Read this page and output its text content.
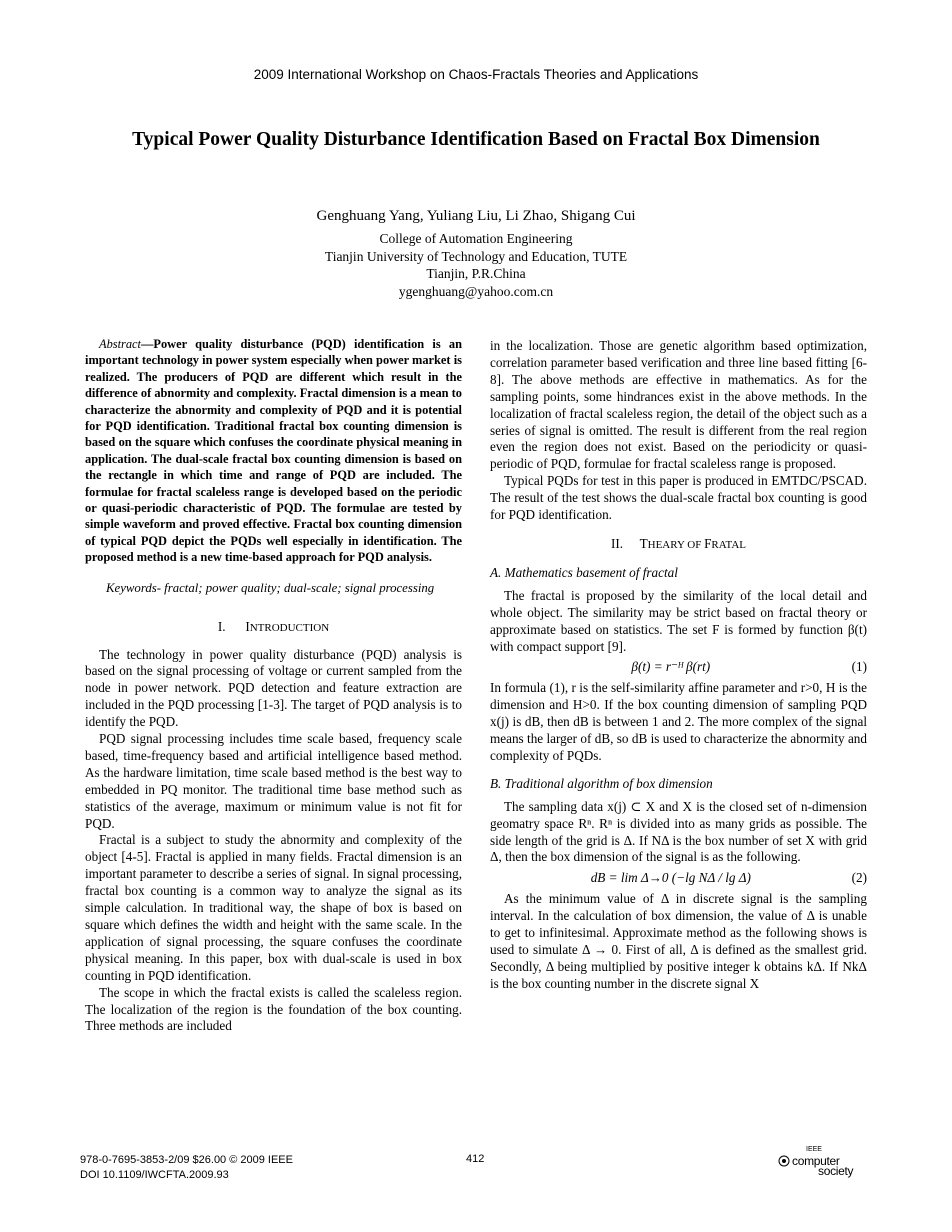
2009 International Workshop on Chaos-Fractals Theories and Applications
Typical Power Quality Disturbance Identification Based on Fractal Box Dimension
Genghuang Yang, Yuliang Liu, Li Zhao, Shigang Cui
College of Automation Engineering
Tianjin University of Technology and Education, TUTE
Tianjin, P.R.China
ygenghuang@yahoo.com.cn

Abstract—Power quality disturbance (PQD) identification is an important technology in power system especially when power market is realized. The producers of PQD are different which result in the difference of abnormity and complexity. Fractal dimension is a mean to characterize the abnormity and complexity of PQD and it is potential for PQD identification. Traditional fractal box counting dimension is based on the square which confuses the coordinate physical meaning in application. The dual-scale fractal box counting dimension is based on the rectangle in which time and range of PQD are included. The formulae for fractal scaleless range is developed based on the periodic or quasi-periodic characteristic of PQD. The formulae are tested by simple waveform and proved effective. Fractal box counting dimension of typical PQD depict the PQDs well especially in identification. The proposed method is a new time-based approach for PQD analysis.

Keywords- fractal; power quality; dual-scale; signal processing

I. INTRODUCTION

The technology in power quality disturbance (PQD) analysis is based on the signal processing of voltage or current sampled from the node in power network. PQD detection and feature extraction are included in the PQD processing [1-3]. The target of PQD analysis is to identify the PQD.

PQD signal processing includes time scale based, frequency scale based, time-frequency based and artificial intelligence based method. As the hardware limitation, time scale based method is the best way to embedded in PQ monitor. The traditional time base method such as statistics of the average, maximum or minimum value is not fit for PQD.

Fractal is a subject to study the abnormity and complexity of the object [4-5]. Fractal is applied in many fields. Fractal dimension is an important parameter to describe a series of signal. In signal processing, fractal box counting is a common way to analyze the signal as its simple calculation. In traditional way, the shape of box is based on square which defines the width and height with the same scale. In the application of signal processing, the square confuses the coordinate physical meaning. In this paper, box with dual-scale is used in box counting in PQD identification.

The scope in which the fractal exists is called the scaleless region. The localization of the region is the foundation of the box counting. Three methods are included

in the localization. Those are genetic algorithm based optimization, correlation parameter based verification and three line based fitting [6-8]. The above methods are effective in mathematics. As for the sampling points, some hindrances exist in the above methods. In the localization of fractal scaleless region, the detail of the object such as a series of signal is omitted. The result is different from the real region even the region does not exist. Based on the periodicity or quasi-periodic of PQD, formulae for fractal scaleless range is proposed.

Typical PQDs for test in this paper is produced in EMTDC/PSCAD. The result of the test shows the dual-scale fractal box counting is good for PQD identification.

II. THEARY OF FRATAL
A. Mathematics basement of fractal

The fractal is proposed by the similarity of the local detail and whole object. The similarity may be strict based on fractal theory or approximate based on statistics. The set F is formed by function β(t) with compact support [9].

β(t) = r⁻ᴴ β(rt)	(1)

In formula (1), r is the self-similarity affine parameter and r>0, H is the dimension and H>0. If the box counting dimension of sampling PQD x(j) is dB, then dB is between 1 and 2. The more complex of the signal means the larger of dB, so dB is used to characterize the abnormity and complexity of PQDs.

B. Traditional algorithm of box dimension

The sampling data x(j) ⊂ X and X is the closed set of n-dimension geomatry space Rⁿ. Rⁿ is divided into as many grids as possible. The side length of the grid is Δ. If NΔ is the box number of set X with grid Δ, then the box dimension of the signal is as the following.

dB = lim Δ→0 (−lg NΔ / lg Δ)	(2)

As the minimum value of Δ in discrete signal is the sampling interval. In the calculation of box dimension, the value of Δ is unable to get to infinitesimal. Approximate method as the following shows is used to simulate Δ → 0. First of all, Δ is defined as the smallest grid. Secondly, Δ being multiplied by positive integer k obtains kΔ. If NkΔ is the box counting number in the discrete signal X

978-0-7695-3853-2/09 $26.00 © 2009 IEEE
DOI 10.1109/IWCFTA.2009.93
412
IEEE
computer
society
